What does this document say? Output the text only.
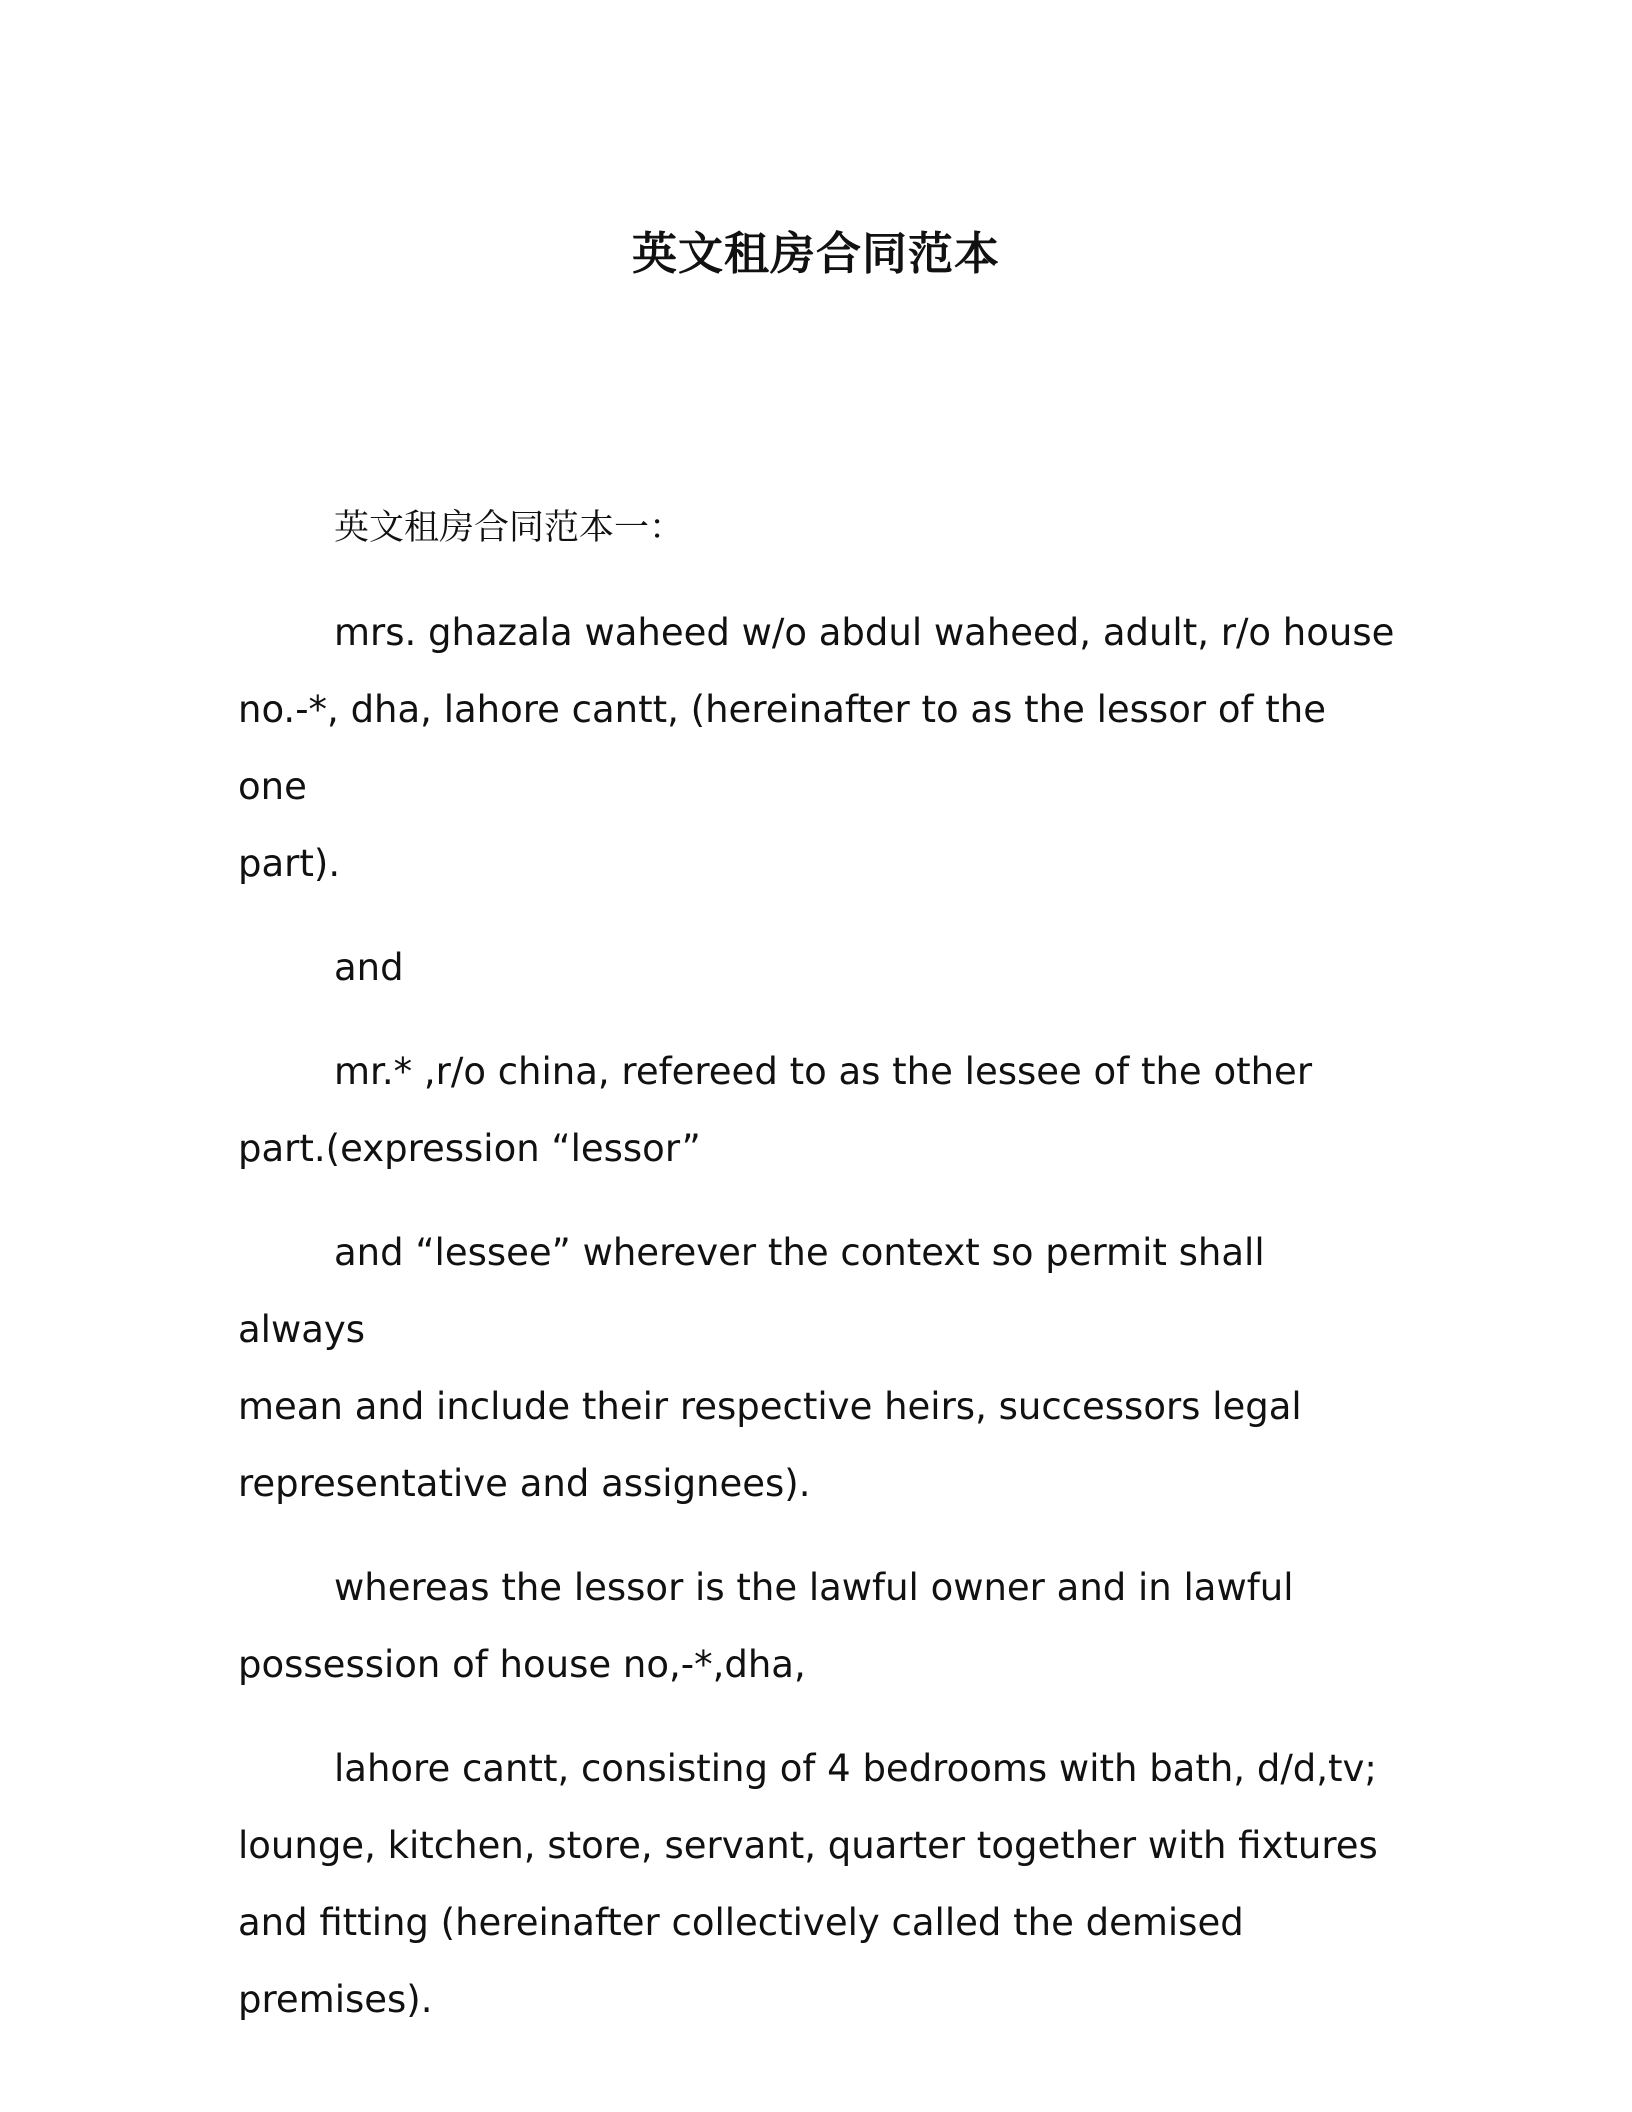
英文租房合同范本

英文租房合同范本一：

mrs. ghazala waheed w/o abdul waheed, adult, r/o house
no.-*, dha, lahore cantt, (hereinafter to as the lessor of the one
part).

and

mr.* ,r/o china, refereed to as the lessee of the other
part.(expression “lessor”

and “lessee” wherever the context so permit shall always
mean and include their respective heirs, successors legal
representative and assignees).

whereas the lessor is the lawful owner and in lawful
possession of house no,-*,dha,

lahore cantt, consisting of 4 bedrooms with bath, d/d,tv;
lounge, kitchen, store, servant, quarter together with fixtures
and fitting (hereinafter collectively called the demised premises).
